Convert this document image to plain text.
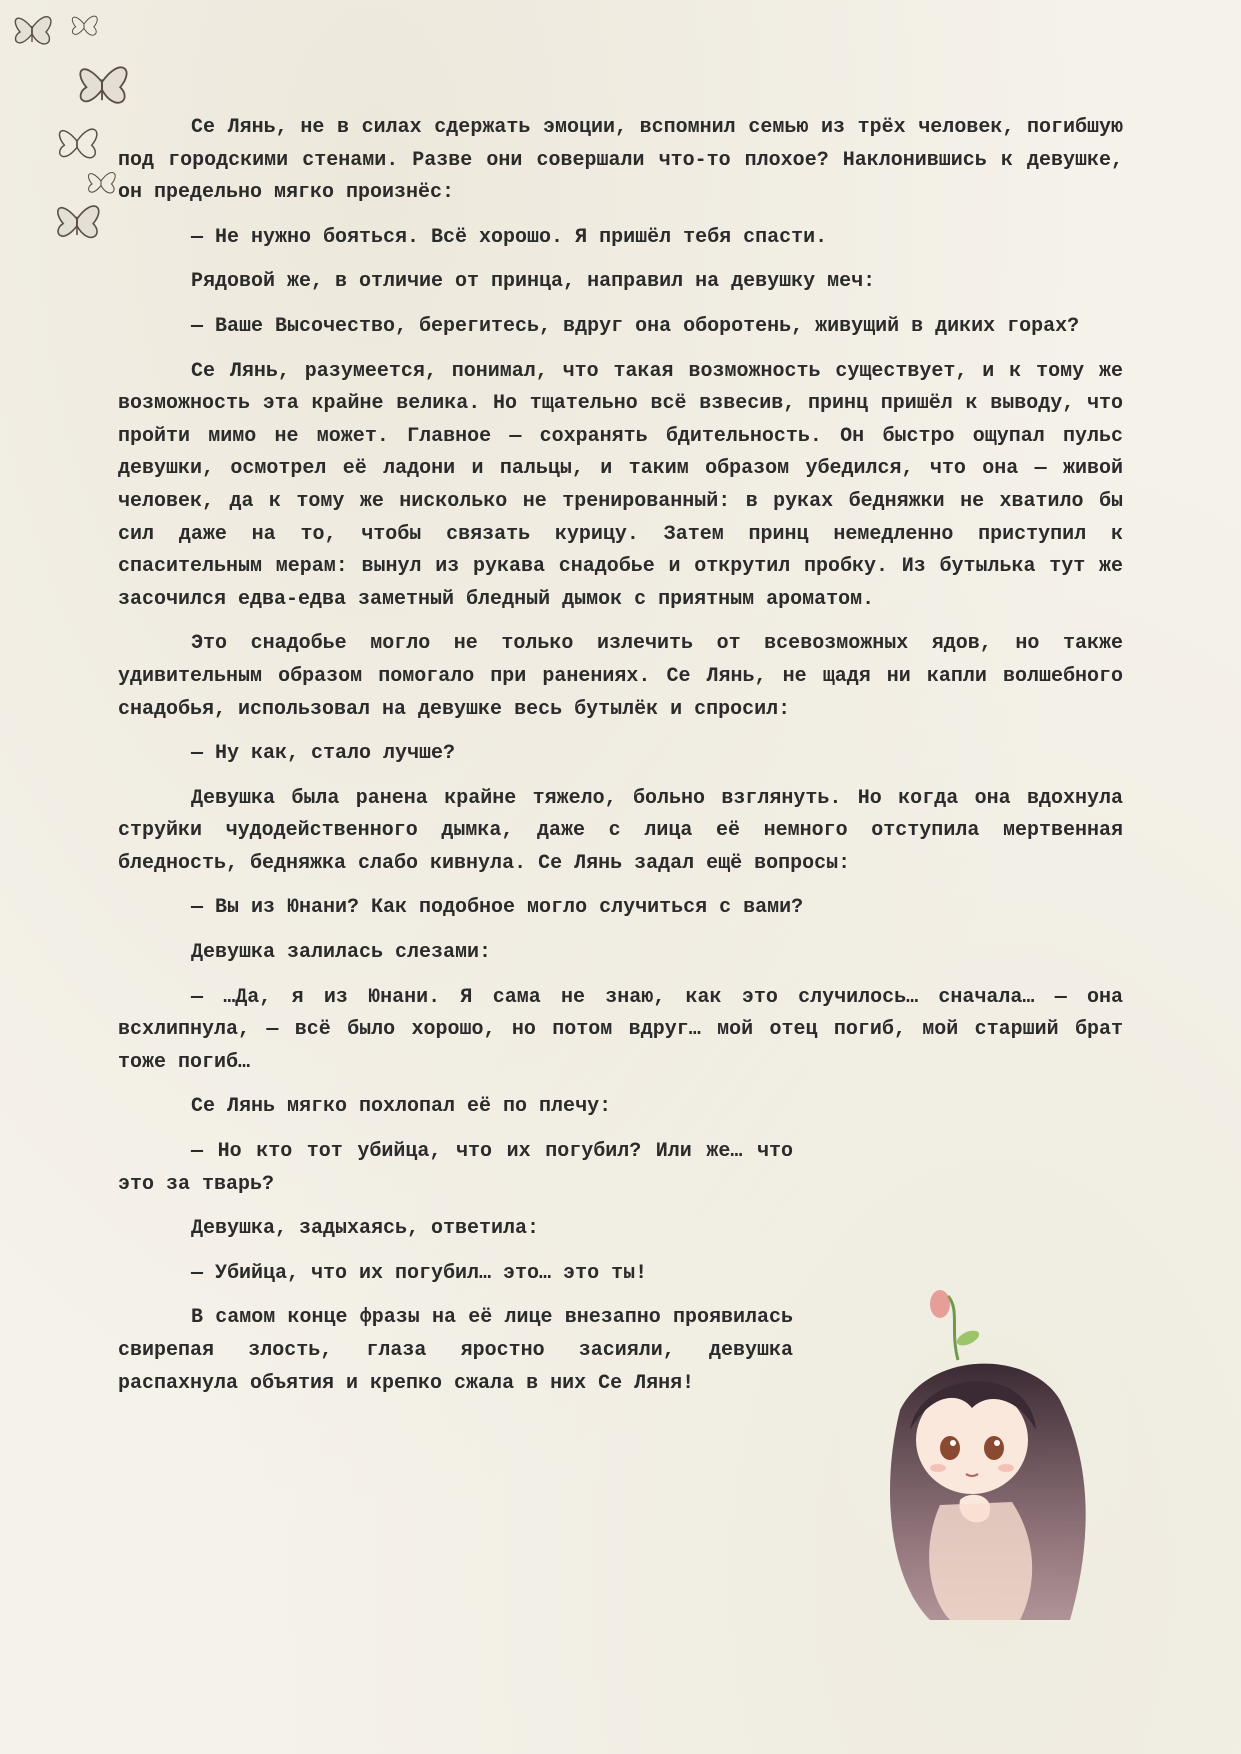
Се Лянь, не в силах сдержать эмоции, вспомнил семью из трёх человек, погибшую под городскими стенами. Разве они совершали что-то плохое? Наклонившись к девушке, он предельно мягко произнёс:

— Не нужно бояться. Всё хорошо. Я пришёл тебя спасти.

Рядовой же, в отличие от принца, направил на девушку меч:

— Ваше Высочество, берегитесь, вдруг она оборотень, живущий в диких горах?

Се Лянь, разумеется, понимал, что такая возможность существует, и к тому же возможность эта крайне велика. Но тщательно всё взвесив, принц пришёл к выводу, что пройти мимо не может. Главное — сохранять бдительность. Он быстро ощупал пульс девушки, осмотрел её ладони и пальцы, и таким образом убедился, что она — живой человек, да к тому же нисколько не тренированный: в руках бедняжки не хватило бы сил даже на то, чтобы связать курицу. Затем принц немедленно приступил к спасительным мерам: вынул из рукава снадобье и открутил пробку. Из бутылька тут же засочился едва-едва заметный бледный дымок с приятным ароматом.

Это снадобье могло не только излечить от всевозможных ядов, но также удивительным образом помогало при ранениях. Се Лянь, не щадя ни капли волшебного снадобья, использовал на девушке весь бутылёк и спросил:

— Ну как, стало лучше?

Девушка была ранена крайне тяжело, больно взглянуть. Но когда она вдохнула струйки чудодейственного дымка, даже с лица её немного отступила мертвенная бледность, бедняжка слабо кивнула. Се Лянь задал ещё вопросы:

— Вы из Юнани? Как подобное могло случиться с вами?

Девушка залилась слезами:

— …Да, я из Юнани. Я сама не знаю, как это случилось… сначала… — она всхлипнула, — всё было хорошо, но потом вдруг… мой отец погиб, мой старший брат тоже погиб…

Се Лянь мягко похлопал её по плечу:

— Но кто тот убийца, что их погубил? Или же… что это за тварь?

Девушка, задыхаясь, ответила:

— Убийца, что их погубил… это… это ты!

В самом конце фразы на её лице внезапно проявилась свирепая злость, глаза яростно засияли, девушка распахнула объятия и крепко сжала в них Се Ляня!
